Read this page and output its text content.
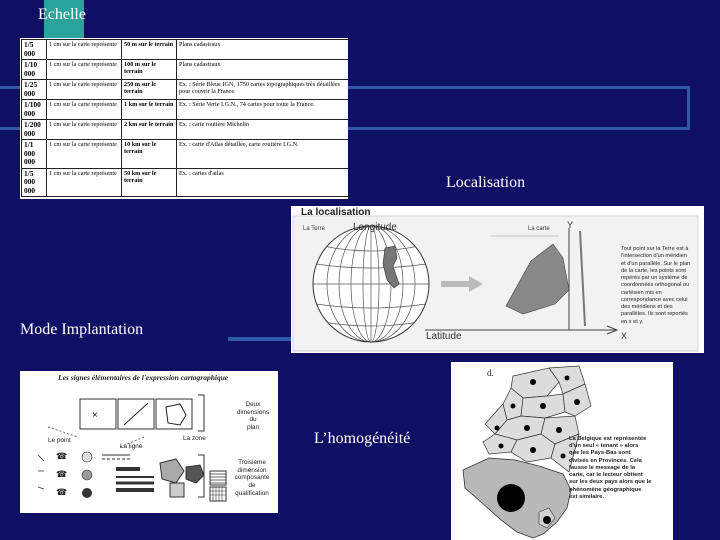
Echelle
1/5 000	1 cm sur la carte représente	50 m sur le terrain	Plans cadastraux
1/10 000	1 cm sur la carte représente	100 m sur le terrain	Plans cadastraux
1/25 000	1 cm sur la carte représente	250 m sur le terrain	Ex. : Série Bleue IGN, 1750 cartes topographiques très détaillées pour couvrir la France.
1/100 000	1 cm sur la carte représente	1 km sur le terrain	Ex. : Série Verte I.G.N., 74 cartes pour toute la France.
1/200 000	1 cm sur la carte représente	2 km sur le terrain	Ex. : carte routière Michelin
1/1 000 000	1 cm sur la carte représente	10 km sur le terrain	Ex. : carte d'Atlas détaillée, carte routière I.G.N.
1/5 000 000	1 cm sur la carte représente	50 km sur le terrain	Ex. : cartes d'atlas
Localisation
La Terre	La carte Y
X
Longitude
Latitude
La localisation
Tout point sur la Terre est à
l'intersection d'un méridien
et d'un parallèle. Sur le plan
de la carte, les points sont
repérés par un système de
coordonnées orthogonal ou
cartésien mis en
correspondance avec celui
des méridiens et des
parallèles. Ils sont reportés
en x et y.
Mode Implantation
×
☎
☎
☎
Les signes élémentaires de l'expression cartographique
Le point
La ligne
La zone
Deux
dimensions
du
plan
Troisième
dimension
composante
de
qualification
d.
La Belgique est représentée
d'un seul « tenant » alors
que les Pays-Bas sont
divisés en Provinces. Cela
fausse le message de la
carte, car le lecteur obtient
sur les deux pays alors que le
phénomène géographique
est similaire.
L’homogénéité
